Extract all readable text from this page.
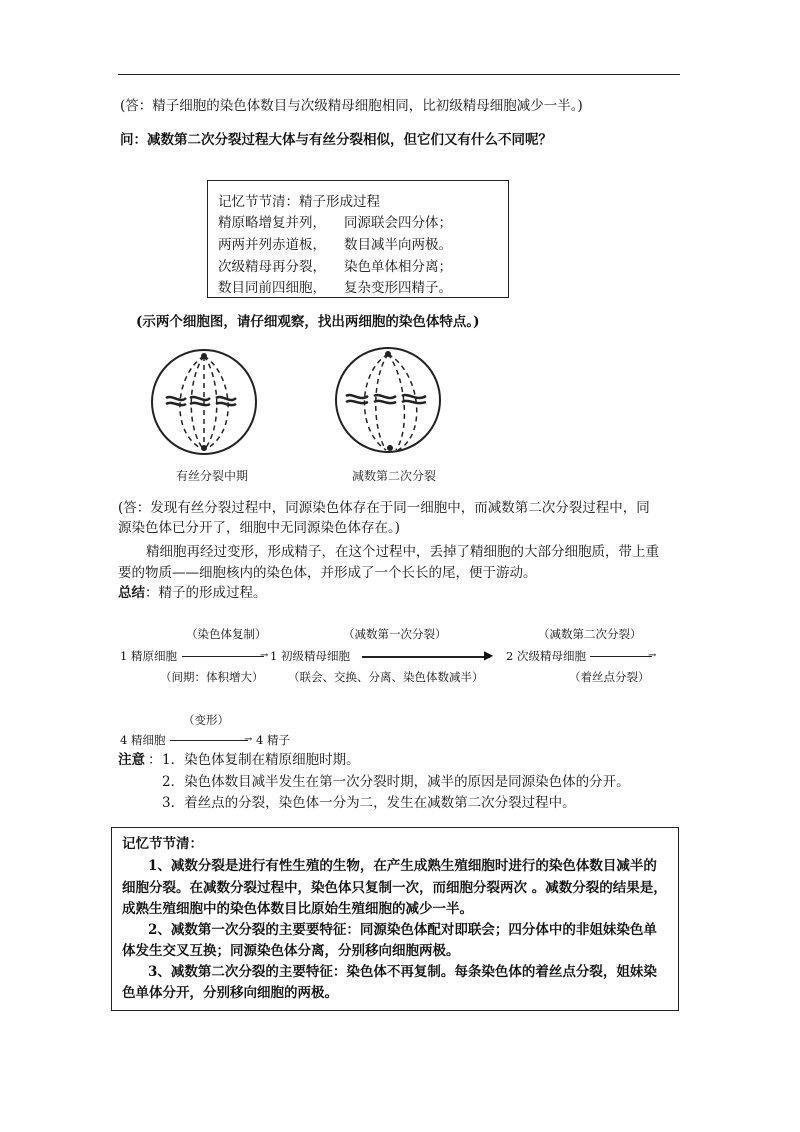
(答：精子细胞的染色体数目与次级精母细胞相同，比初级精母细胞减少一半。)
问：减数第二次分裂过程大体与有丝分裂相似，但它们又有什么不同呢？
记忆节节清：精子形成过程
精原略增复并列， 同源联会四分体；
两两并列赤道板， 数目减半向两极。
次级精母再分裂， 染色单体相分离；
数目同前四细胞， 复杂变形四精子。
(示两个细胞图，请仔细观察，找出两细胞的染色体特点。)
有丝分裂中期	减数第二次分裂
(答：发现有丝分裂过程中，同源染色体存在于同一细胞中，而减数第二次分裂过程中，同
源染色体已分开了，细胞中无同源染色体存在。)
精细胞再经过变形，形成精子，在这个过程中，丢掉了精细胞的大部分细胞质，带上重
要的物质——细胞核内的染色体，并形成了一个长长的尾，便于游动。
总结：精子的形成过程。
（染色体复制）	（减数第一次分裂）	（减数第二次分裂）
1 精原细胞	→ 1 初级精母细胞	▶ 2 次级精母细胞	→
（间期：体积增大） （联会、交换、分离、染色体数减半）	（着丝点分裂）
（变形）
4 精细胞	→ 4 精子
注意 ： 1．染色体复制在精原细胞时期。
2．染色体数目减半发生在第一次分裂时期，减半的原因是同源染色体的分开。
3．着丝点的分裂，染色体一分为二，发生在减数第二次分裂过程中。
记忆节节清：
1、减数分裂是进行有性生殖的生物，在产生成熟生殖细胞时进行的染色体数目减半的
细胞分裂。在减数分裂过程中，染色体只复制一次，而细胞分裂两次 。减数分裂的结果是，
成熟生殖细胞中的染色体数目比原始生殖细胞的减少一半。
2、减数第一次分裂的主要要特征：同源染色体配对即联会；四分体中的非姐妹染色单
体发生交叉互换；同源染色体分离，分别移向细胞两极。
3、减数第二次分裂的主要特征：染色体不再复制。每条染色体的着丝点分裂，姐妹染
色单体分开，分别移向细胞的两极。
